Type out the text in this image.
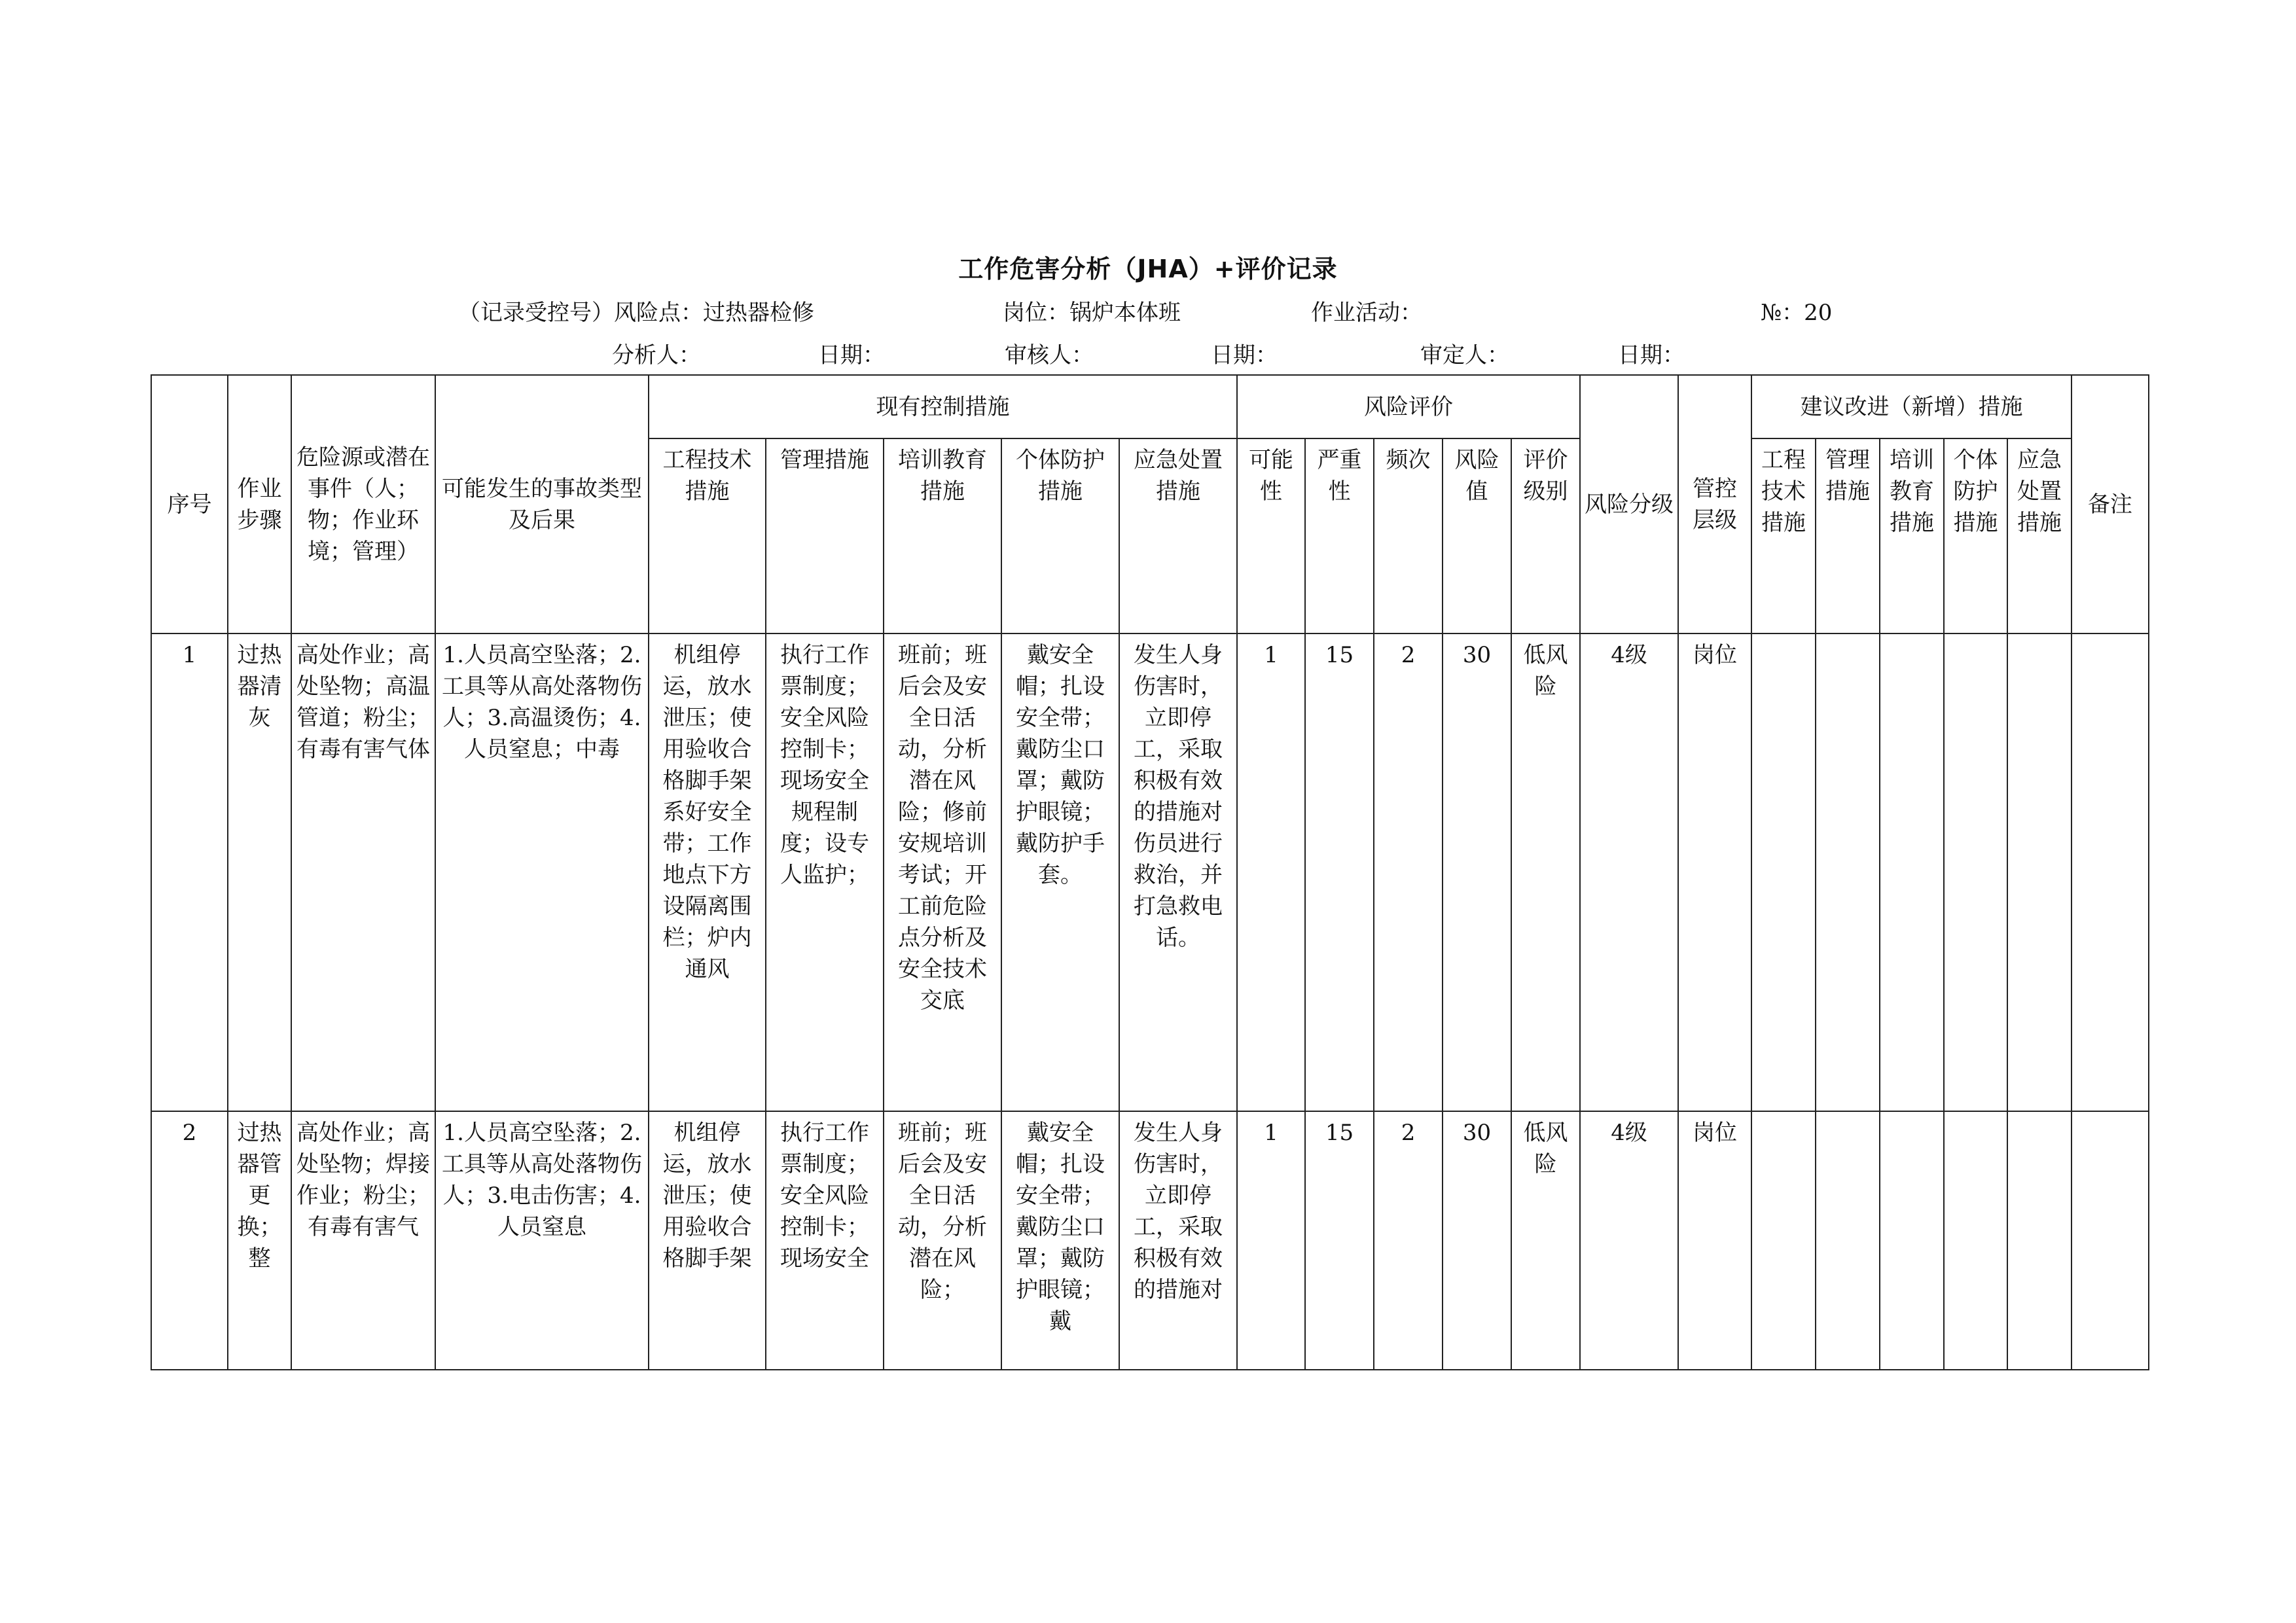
工作危害分析（JHA）+评价记录
（记录受控号）风险点：过热器检修	岗位：锅炉本体班	作业活动：	№：20
分析人：	日期：	审核人：	日期：	审定人：	日期：
序号	作业步骤	危险源或潜在事件（人；物；作业环境；管理）	可能发生的事故类型及后果	现有控制措施					风险评价					风险分级	管控层级	建议改进（新增）措施					备注

				工程技术措施	管理措施	培训教育措施	个体防护措施	应急处置措施	可能性	严重性	频次	风险值	评价级别			工程技术措施	管理措施	培训教育措施	个体防护措施	应急处置措施	

1	过热器清灰	高处作业；高处坠物；高温管道；粉尘；有毒有害气体	1.人员高空坠落；2.工具等从高处落物伤人；3.高温烫伤；4.人员窒息；中毒	机组停运，放水泄压；使用验收合格脚手架系好安全带；工作地点下方设隔离围栏；炉内通风	执行工作票制度；安全风险控制卡；现场安全规程制度；设专人监护；	班前；班后会及安全日活动，分析潜在风险；修前安规培训考试；开工前危险点分析及安全技术交底	戴安全帽；扎设安全带；戴防尘口罩；戴防护眼镜；戴防护手套。	发生人身伤害时，立即停工，采取积极有效的措施对伤员进行救治，并打急救电话。	1	15	2	30	低风险	4级	岗位						

2	过热器管更换；整	高处作业；高处坠物；焊接作业；粉尘；有毒有害气	1.人员高空坠落；2.工具等从高处落物伤人；3.电击伤害；4.人员窒息	机组停运，放水泄压；使用验收合格脚手架	执行工作票制度；安全风险控制卡；现场安全	班前；班后会及安全日活动，分析潜在风险；	戴安全帽；扎设安全带；戴防尘口罩；戴防护眼镜；戴	发生人身伤害时，立即停工，采取积极有效的措施对	1	15	2	30	低风险	4级	岗位						
